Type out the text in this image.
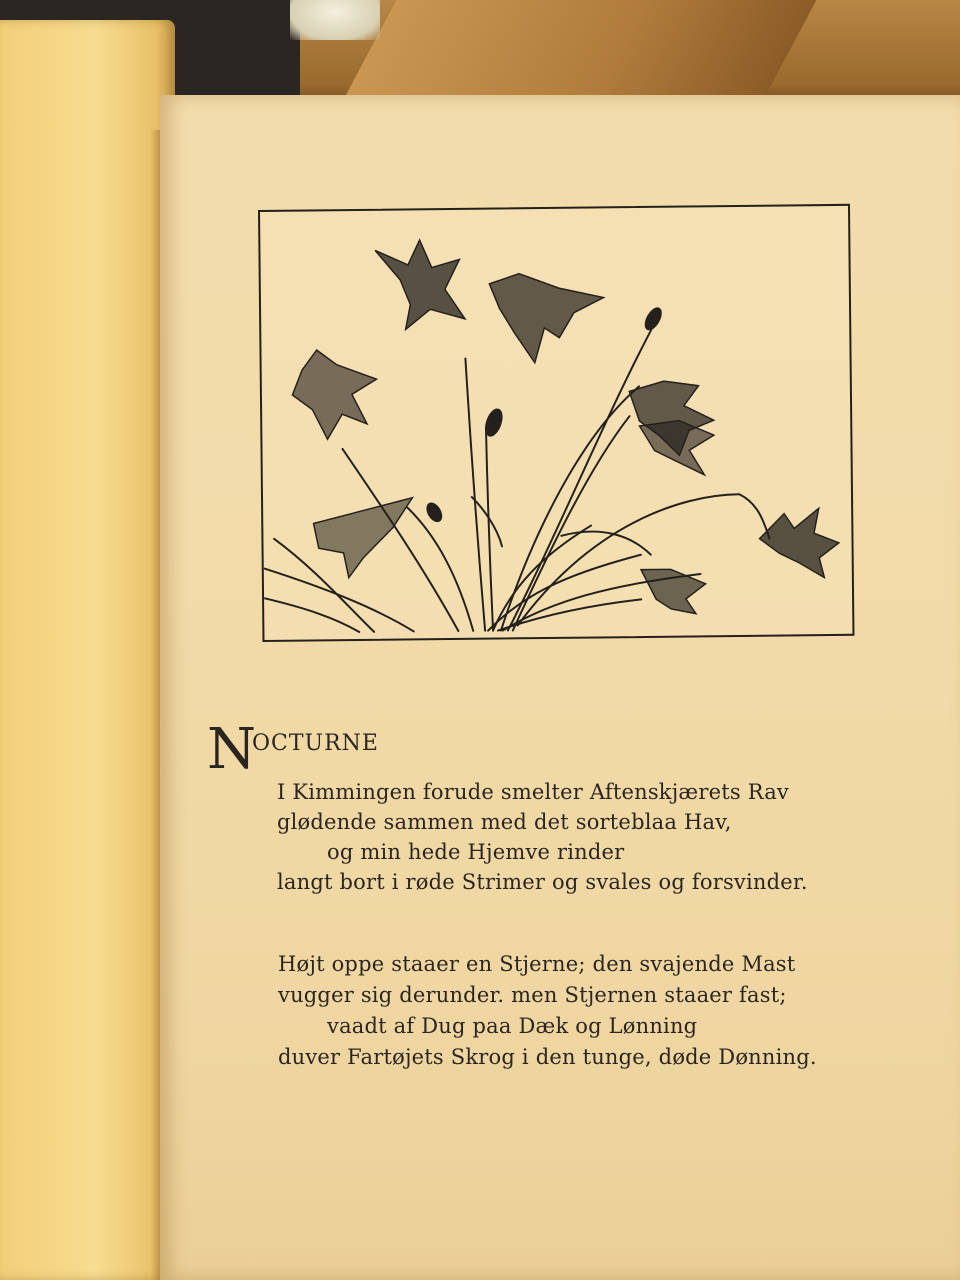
N
OCTURNE
I Kimmingen forude smelter Aftenskjærets Rav
glødende sammen med det sorteblaa Hav,
og min hede Hjemve rinder
langt bort i røde Strimer og svales og forsvinder.
Højt oppe staaer en Stjerne; den svajende Mast
vugger sig derunder. men Stjernen staaer fast;
vaadt af Dug paa Dæk og Lønning
duver Fartøjets Skrog i den tunge, døde Dønning.
